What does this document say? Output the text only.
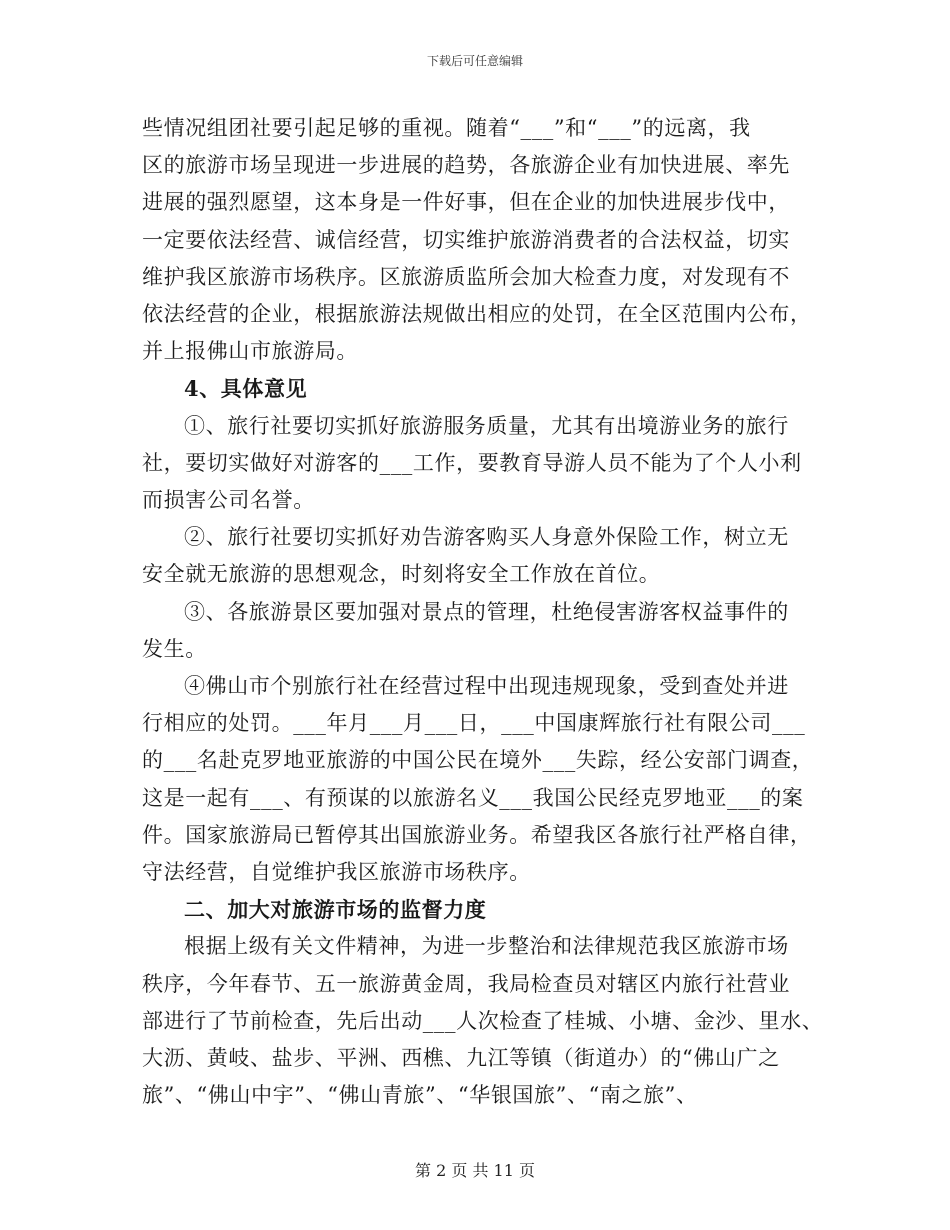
下载后可任意编辑
些情况组团社要引起足够的重视。随着“___”和“___”的远离，我
区的旅游市场呈现进一步进展的趋势，各旅游企业有加快进展、率先
进展的强烈愿望，这本身是一件好事，但在企业的加快进展步伐中，
一定要依法经营、诚信经营，切实维护旅游消费者的合法权益，切实
维护我区旅游市场秩序。区旅游质监所会加大检查力度，对发现有不
依法经营的企业，根据旅游法规做出相应的处罚，在全区范围内公布，
并上报佛山市旅游局。
4、具体意见
①、旅行社要切实抓好旅游服务质量，尤其有出境游业务的旅行
社，要切实做好对游客的___工作，要教育导游人员不能为了个人小利
而损害公司名誉。
②、旅行社要切实抓好劝告游客购买人身意外保险工作，树立无
安全就无旅游的思想观念，时刻将安全工作放在首位。
③、各旅游景区要加强对景点的管理，杜绝侵害游客权益事件的
发生。
④佛山市个别旅行社在经营过程中出现违规现象，受到查处并进
行相应的处罚。___年月___月___日，___中国康辉旅行社有限公司___
的___名赴克罗地亚旅游的中国公民在境外___失踪，经公安部门调查，
这是一起有___、有预谋的以旅游名义___我国公民经克罗地亚___的案
件。国家旅游局已暂停其出国旅游业务。希望我区各旅行社严格自律，
守法经营，自觉维护我区旅游市场秩序。
二、加大对旅游市场的监督力度
根据上级有关文件精神，为进一步整治和法律规范我区旅游市场
秩序，今年春节、五一旅游黄金周，我局检查员对辖区内旅行社营业
部进行了节前检查，先后出动___人次检查了桂城、小塘、金沙、里水、
大沥、黄岐、盐步、平洲、西樵、九江等镇（街道办）的“佛山广之
旅”、“佛山中宇”、“佛山青旅”、“华银国旅”、“南之旅”、
第 2 页 共 11 页
